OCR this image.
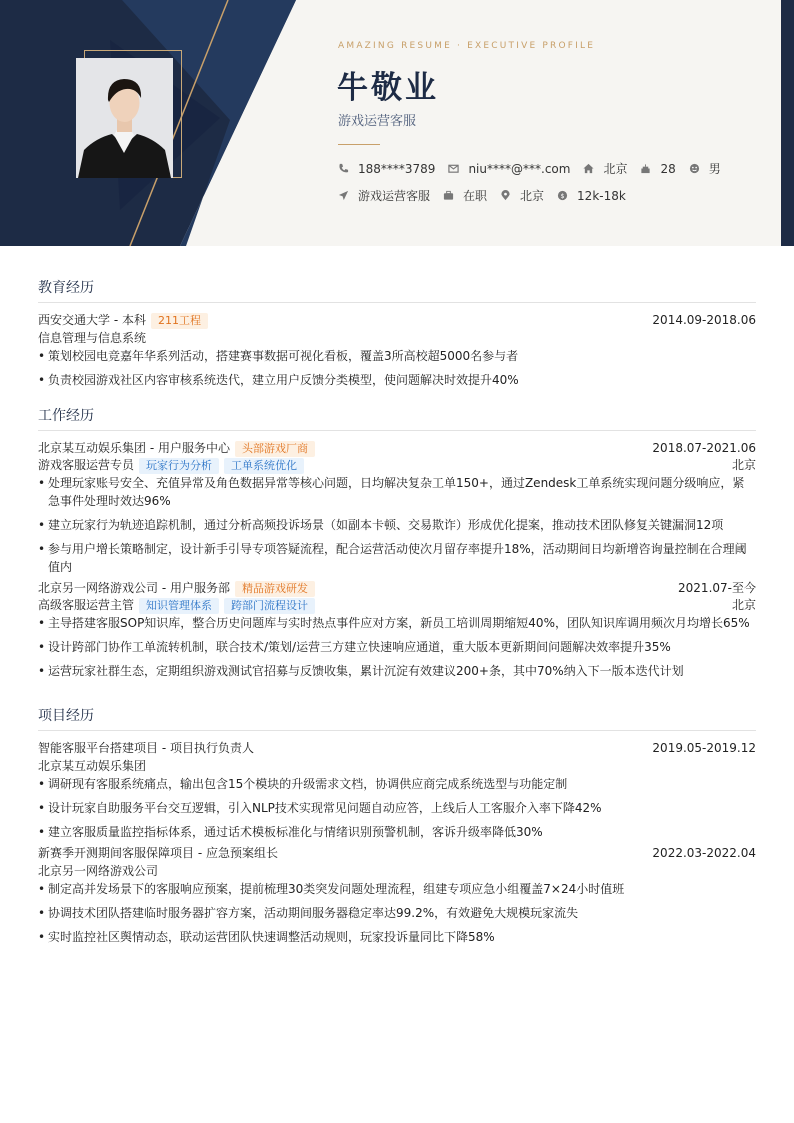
AMAZING RESUME · EXECUTIVE PROFILE
牛敬业
游戏运营客服
188****3789	niu****@***.com	北京	28	男
游戏运营客服	在职	北京 $ 12k-18k
教育经历
西安交通大学 - 本科	211工程	2014.09-2018.06
信息管理与信息系统
• 策划校园电竞嘉年华系列活动，搭建赛事数据可视化看板，覆盖3所高校超5000名参与者
• 负责校园游戏社区内容审核系统迭代，建立用户反馈分类模型，使问题解决时效提升40%
工作经历
北京某互动娱乐集团 - 用户服务中心	头部游戏厂商	2018.07-2021.06
游戏客服运营专员	玩家行为分析	工单系统优化	北京
• 处理玩家账号安全、充值异常及角色数据异常等核心问题，日均解决复杂工单150+，通过Zendesk工单系统实现问题分级响应，紧急事件处理时效达96%
• 建立玩家行为轨迹追踪机制，通过分析高频投诉场景（如副本卡顿、交易欺诈）形成优化提案，推动技术团队修复关键漏洞12项
• 参与用户增长策略制定，设计新手引导专项答疑流程，配合运营活动使次月留存率提升18%，活动期间日均新增咨询量控制在合理阈值内
北京另一网络游戏公司 - 用户服务部	精品游戏研发	2021.07-至今
高级客服运营主管	知识管理体系	跨部门流程设计	北京
• 主导搭建客服SOP知识库，整合历史问题库与实时热点事件应对方案，新员工培训周期缩短40%，团队知识库调用频次月均增长65%
• 设计跨部门协作工单流转机制，联合技术/策划/运营三方建立快速响应通道，重大版本更新期间问题解决效率提升35%
• 运营玩家社群生态，定期组织游戏测试官招募与反馈收集，累计沉淀有效建议200+条，其中70%纳入下一版本迭代计划
项目经历
智能客服平台搭建项目 - 项目执行负责人	2019.05-2019.12
北京某互动娱乐集团
• 调研现有客服系统痛点，输出包含15个模块的升级需求文档，协调供应商完成系统选型与功能定制
• 设计玩家自助服务平台交互逻辑，引入NLP技术实现常见问题自动应答，上线后人工客服介入率下降42%
• 建立客服质量监控指标体系，通过话术模板标准化与情绪识别预警机制，客诉升级率降低30%
新赛季开测期间客服保障项目 - 应急预案组长	2022.03-2022.04
北京另一网络游戏公司
• 制定高并发场景下的客服响应预案，提前梳理30类突发问题处理流程，组建专项应急小组覆盖7×24小时值班
• 协调技术团队搭建临时服务器扩容方案，活动期间服务器稳定率达99.2%，有效避免大规模玩家流失
• 实时监控社区舆情动态，联动运营团队快速调整活动规则，玩家投诉量同比下降58%
